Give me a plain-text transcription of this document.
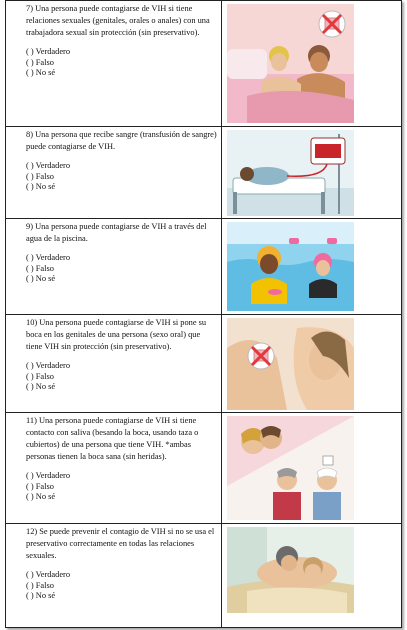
7) Una persona puede contagiarse de VIH si tiene relaciones sexuales (genitales, orales o anales) con una trabajadora sexual sin protección (sin preservativo).

( ) Verdadero

( ) Falso

( ) No sé

8) Una persona que recibe sangre (transfusión de sangre) puede contagiarse de VIH.

( ) Verdadero

( ) Falso

( ) No sé

9) Una persona puede contagiarse de VIH a través del agua de la piscina.

( ) Verdadero

( ) Falso

( ) No sé

10) Una persona puede contagiarse de VIH si pone su boca en los genitales de una persona (sexo oral) que tiene VIH sin protección (sin preservativo).

( ) Verdadero

( ) Falso

( ) No sé

11) Una persona puede contagiarse de VIH si tiene contacto con saliva (besando la boca, usando taza o cubiertos) de una persona que tiene VIH. *ambas personas tienen la boca sana (sin heridas).

( ) Verdadero

( ) Falso

( ) No sé

12) Se puede prevenir el contagio de VIH si no se usa el preservativo correctamente en todas las relaciones sexuales.

( ) Verdadero

( ) Falso

( ) No sé
